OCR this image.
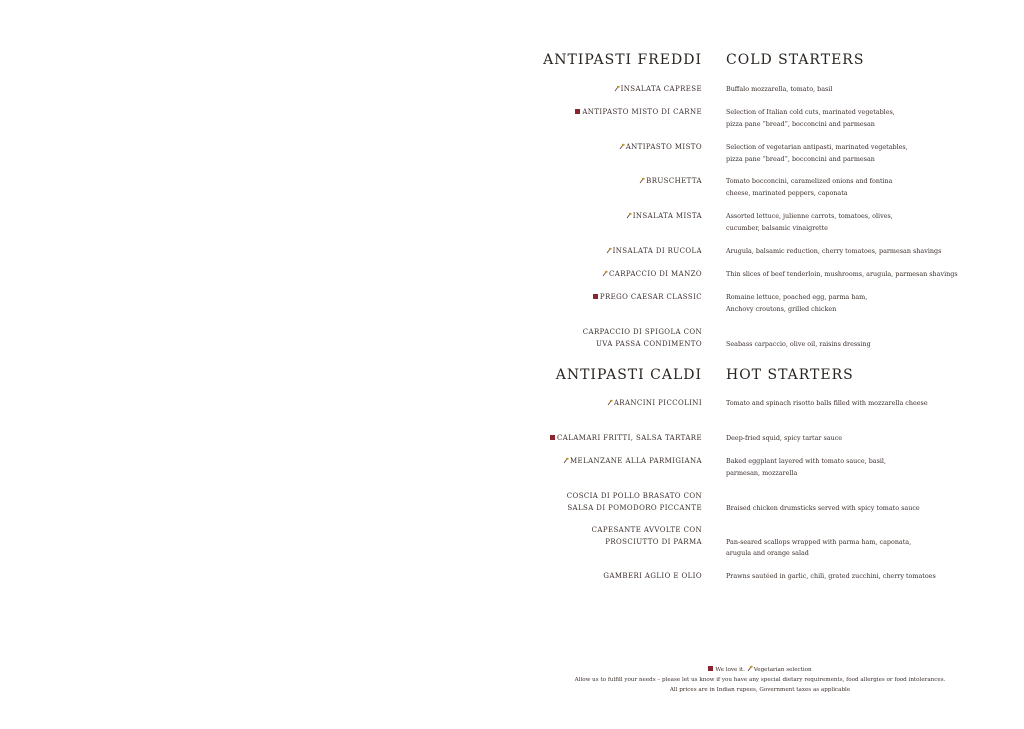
ANTIPASTI FREDDI COLD STARTERS
INSALATA CAPRESE	Buffalo mozzarella, tomato, basil
ANTIPASTO MISTO DI CARNE	Selection of Italian cold cuts, marinated vegetables,
pizza pane “bread”, bocconcini and parmesan
ANTIPASTO MISTO	Selection of vegetarian antipasti, marinated vegetables,
pizza pane “bread”, bocconcini and parmesan
BRUSCHETTA	Tomato bocconcini, caramelized onions and fontina
cheese, marinated peppers, caponata
INSALATA MISTA	Assorted lettuce, julienne carrots, tomatoes, olives,
cucumber, balsamic vinaigrette
INSALATA DI RUCOLA	Arugula, balsamic reduction, cherry tomatoes, parmesan shavings
CARPACCIO DI MANZO	Thin slices of beef tenderloin, mushrooms, arugula, parmesan shavings
PREGO CAESAR CLASSIC	Romaine lettuce, poached egg, parma ham,
Anchovy croutons, grilled chicken
CARPACCIO DI SPIGOLA CON
UVA PASSA CONDIMENTO
	Seabass carpaccio, olive oil, raisins dressing
ANTIPASTI CALDI HOT STARTERS
ARANCINI PICCOLINI	Tomato and spinach risotto balls filled with mozzarella cheese
CALAMARI FRITTI, SALSA TARTARE	Deep-fried squid, spicy tartar sauce
MELANZANE ALLA PARMIGIANA	Baked eggplant layered with tomato sauce, basil,
parmesan, mozzarella
COSCIA DI POLLO BRASATO CON
SALSA DI POMODORO PICCANTE
	Braised chicken drumsticks served with spicy tomato sauce
CAPESANTE AVVOLTE CON
PROSCIUTTO DI PARMA
	Pan-seared scallops wrapped with parma ham, caponata,
arugula and orange salad
GAMBERI AGLIO E OLIO	Prawns sautéed in garlic, chili, grated zucchini, cherry tomatoes
We love it. Vegetarian selection
Allow us to fulfill your needs – please let us know if you have any special dietary requirements, food allergies or food intolerances.
All prices are in Indian rupees, Government taxes as applicable
